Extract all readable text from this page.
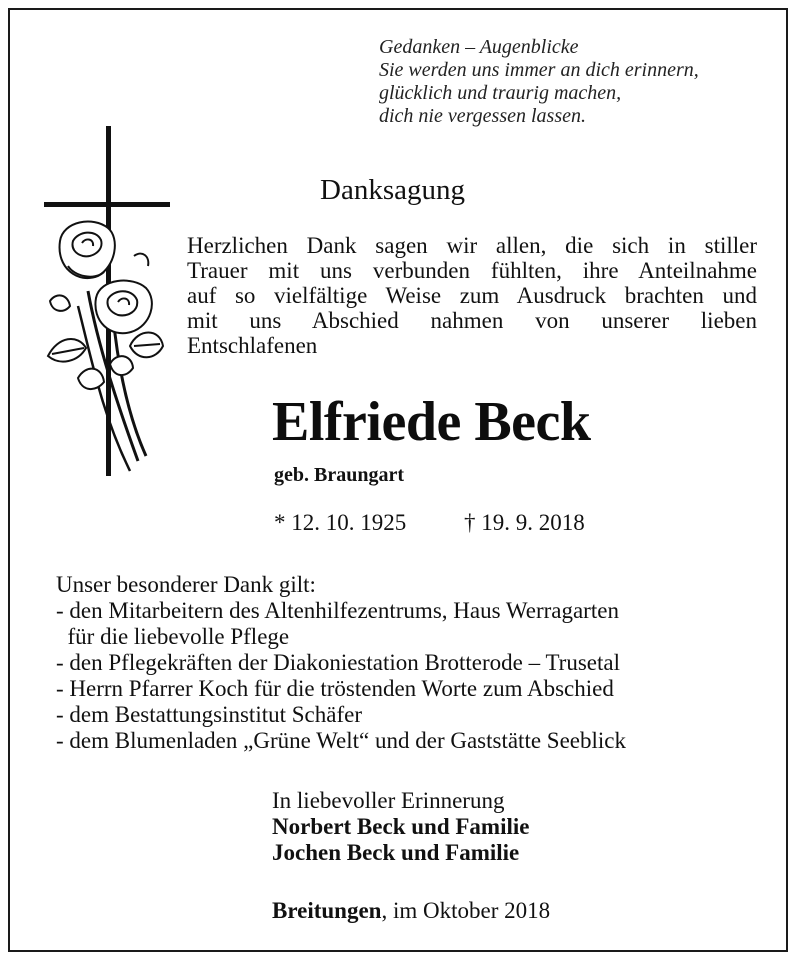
Gedanken – Augenblicke
Sie werden uns immer an dich erinnern,
glücklich und traurig machen,
dich nie vergessen lassen.
Danksagung
Herzlichen Dank sagen wir allen, die sich in stiller
Trauer mit uns verbunden fühlten, ihre Anteilnahme
auf so vielfältige Weise zum Ausdruck brachten und
mit uns Abschied nahmen von unserer lieben
Entschlafenen
Elfriede Beck
geb. Braungart
* 12. 10. 1925	† 19. 9. 2018
Unser besonderer Dank gilt:
- den Mitarbeitern des Altenhilfezentrums, Haus Werragarten
für die liebevolle Pflege
- den Pflegekräften der Diakoniestation Brotterode – Trusetal
- Herrn Pfarrer Koch für die tröstenden Worte zum Abschied
- dem Bestattungsinstitut Schäfer
- dem Blumenladen „Grüne Welt“ und der Gaststätte Seeblick
In liebevoller Erinnerung
Norbert Beck und Familie
Jochen Beck und Familie
Breitungen, im Oktober 2018
